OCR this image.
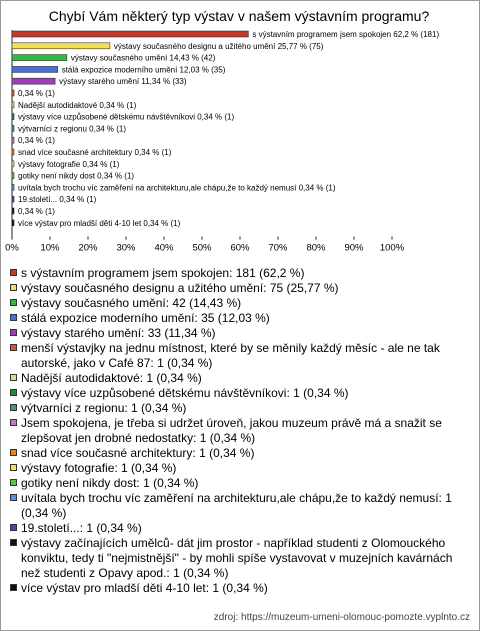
Chybí Vám některý typ výstav v našem výstavním programu?
s výstavním programem jsem spokojen 62,2 % (181)
výstavy současného designu a užitého umění 25,77 % (75)
výstavy současného umění 14,43 % (42)
stálá expozice moderního umění 12,03 % (35)
výstavy starého umění 11,34 % (33)
0,34 % (1)
Nadější autodidaktové 0,34 % (1)
výstavy více uzpůsobené dětskému návštěvníkovi 0,34 % (1)
výtvarníci z regionu 0,34 % (1)
0,34 % (1)
snad více současné architektury 0,34 % (1)
výstavy fotografie 0,34 % (1)
gotiky není nikdy dost 0,34 % (1)
uvítala bych trochu víc zaměření na architekturu,ale chápu,že to každý nemusí 0,34 % (1)
19.století... 0,34 % (1)
0,34 % (1)
více výstav pro mladší děti 4-10 let 0,34 % (1)
0% 10% 20% 30% 40% 50% 60% 70% 80% 90% 100%
s výstavním programem jsem spokojen: 181 (62,2 %)
výstavy současného designu a užitého umění: 75 (25,77 %)
výstavy současného umění: 42 (14,43 %)
stálá expozice moderního umění: 35 (12,03 %)
výstavy starého umění: 33 (11,34 %)
menší výstavjky na jednu místnost, které by se měnily každý měsíc - ale ne tak autorské, jako v Café 87: 1 (0,34 %)
Nadější autodidaktové: 1 (0,34 %)
výstavy více uzpůsobené dětskému návštěvníkovi: 1 (0,34 %)
výtvarníci z regionu: 1 (0,34 %)
Jsem spokojena, je třeba si udržet úroveň, jakou muzeum právě má a snažit se zlepšovat jen drobné nedostatky: 1 (0,34 %)
snad více současné architektury: 1 (0,34 %)
výstavy fotografie: 1 (0,34 %)
gotiky není nikdy dost: 1 (0,34 %)
uvítala bych trochu víc zaměření na architekturu,ale chápu,že to každý nemusí: 1 (0,34 %)
19.století...: 1 (0,34 %)
výstavy začínajících umělců- dát jim prostor - například studenti z Olomouckého konviktu, tedy ti "nejmistnější" - by mohli spíše vystavovat v muzejních kavárnách než studenti z Opavy apod.: 1 (0,34 %)
více výstav pro mladší děti 4-10 let: 1 (0,34 %)
zdroj: https://muzeum-umeni-olomouc-pomozte.vyplnto.cz
